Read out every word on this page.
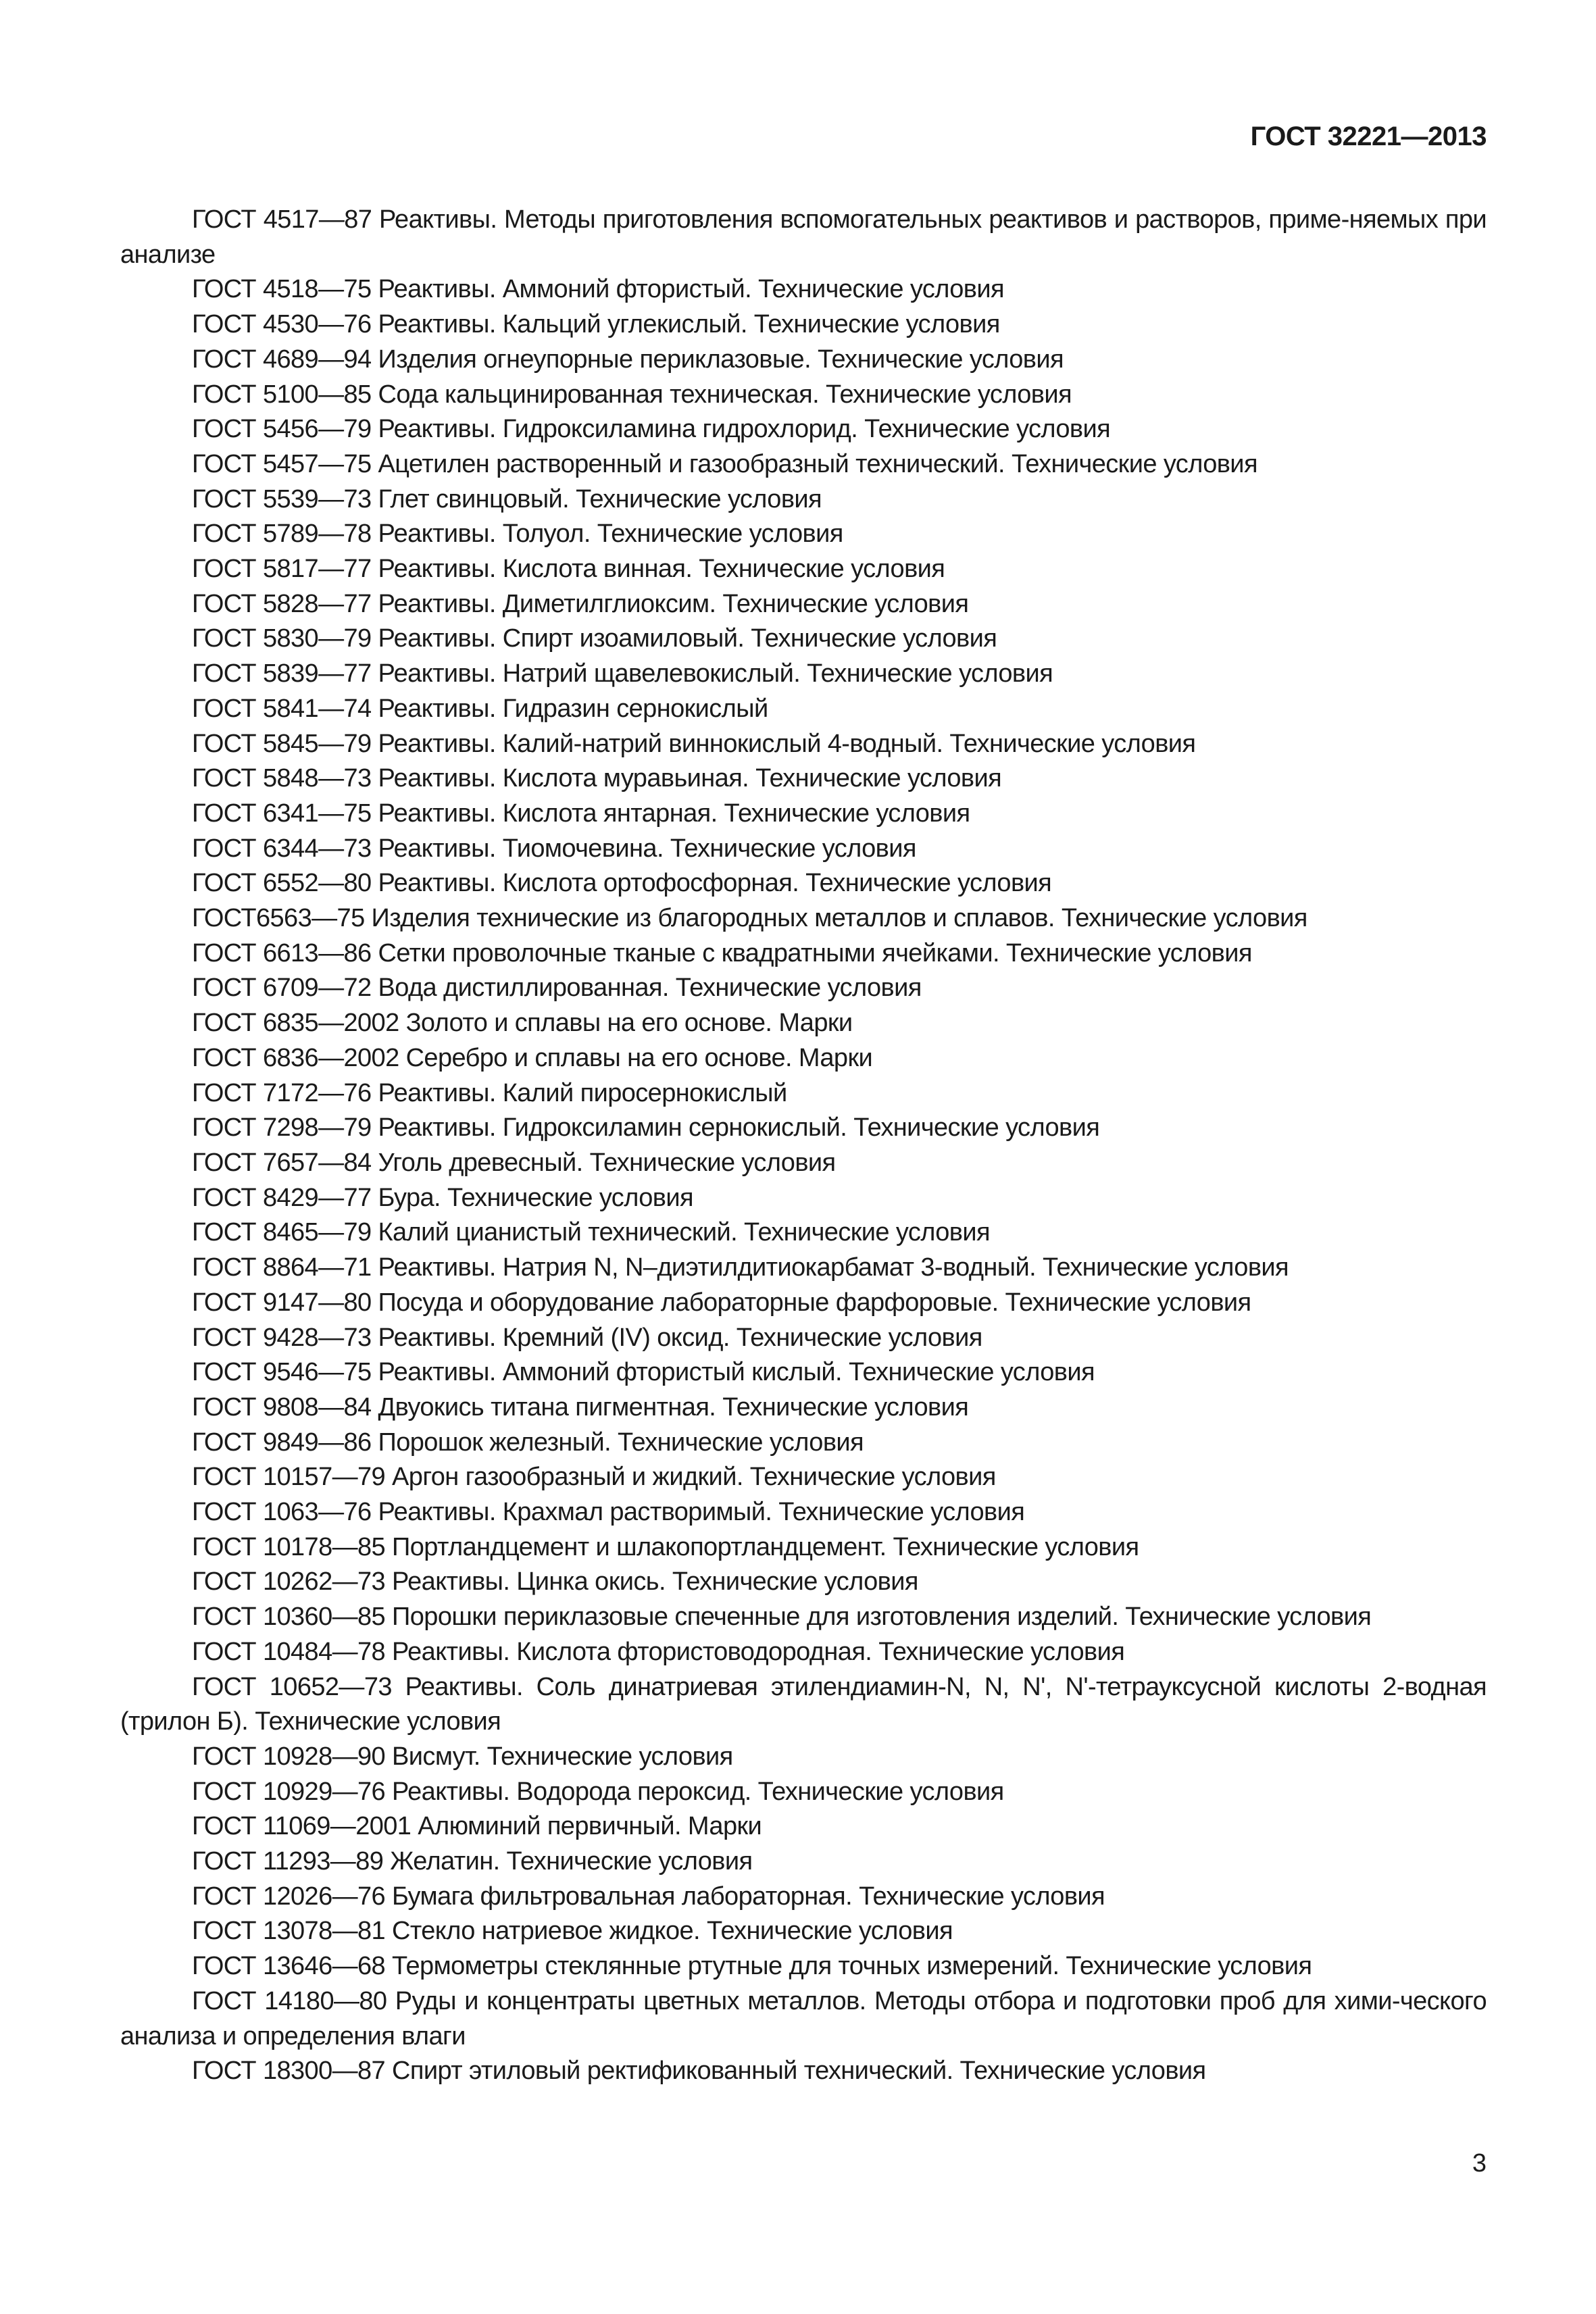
ГОСТ 32221—2013

ГОСТ 4517—87 Реактивы. Методы приготовления вспомогательных реактивов и растворов, приме-няемых при анализе

ГОСТ 4518—75 Реактивы. Аммоний фтористый. Технические условия

ГОСТ 4530—76 Реактивы. Кальций углекислый. Технические условия

ГОСТ 4689—94 Изделия огнеупорные периклазовые. Технические условия

ГОСТ 5100—85 Сода кальцинированная техническая. Технические условия

ГОСТ 5456—79 Реактивы. Гидроксиламина гидрохлорид. Технические условия

ГОСТ 5457—75 Ацетилен растворенный и газообразный технический. Технические условия

ГОСТ 5539—73 Глет свинцовый. Технические условия

ГОСТ 5789—78 Реактивы. Толуол. Технические условия

ГОСТ 5817—77 Реактивы. Кислота винная. Технические условия

ГОСТ 5828—77 Реактивы. Диметилглиоксим. Технические условия

ГОСТ 5830—79 Реактивы. Спирт изоамиловый. Технические условия

ГОСТ 5839—77 Реактивы. Натрий щавелевокислый. Технические условия

ГОСТ 5841—74 Реактивы. Гидразин сернокислый

ГОСТ 5845—79 Реактивы. Калий-натрий виннокислый 4-водный. Технические условия

ГОСТ 5848—73 Реактивы. Кислота муравьиная. Технические условия

ГОСТ 6341—75 Реактивы. Кислота янтарная. Технические условия

ГОСТ 6344—73 Реактивы. Тиомочевина. Технические условия

ГОСТ 6552—80 Реактивы. Кислота ортофосфорная. Технические условия

ГОСТ6563—75 Изделия технические из благородных металлов и сплавов. Технические условия

ГОСТ 6613—86 Сетки проволочные тканые с квадратными ячейками. Технические условия

ГОСТ 6709—72 Вода дистиллированная. Технические условия

ГОСТ 6835—2002 Золото и сплавы на его основе. Марки

ГОСТ 6836—2002 Серебро и сплавы на его основе. Марки

ГОСТ 7172—76 Реактивы. Калий пиросернокислый

ГОСТ 7298—79 Реактивы. Гидроксиламин сернокислый. Технические условия

ГОСТ 7657—84 Уголь древесный. Технические условия

ГОСТ 8429—77 Бура. Технические условия

ГОСТ 8465—79 Калий цианистый технический. Технические условия

ГОСТ 8864—71 Реактивы. Натрия N, N–диэтилдитиокарбамат 3-водный. Технические условия

ГОСТ 9147—80 Посуда и оборудование лабораторные фарфоровые. Технические условия

ГОСТ 9428—73 Реактивы. Кремний (IV) оксид. Технические условия

ГОСТ 9546—75 Реактивы. Аммоний фтористый кислый. Технические условия

ГОСТ 9808—84 Двуокись титана пигментная. Технические условия

ГОСТ 9849—86 Порошок железный. Технические условия

ГОСТ 10157—79 Аргон газообразный и жидкий. Технические условия

ГОСТ 1063—76 Реактивы. Крахмал растворимый. Технические условия

ГОСТ 10178—85 Портландцемент и шлакопортландцемент. Технические условия

ГОСТ 10262—73 Реактивы. Цинка окись. Технические условия

ГОСТ 10360—85 Порошки периклазовые спеченные для изготовления изделий. Технические условия

ГОСТ 10484—78 Реактивы. Кислота фтористоводородная. Технические условия

ГОСТ 10652—73 Реактивы. Соль динатриевая этилендиамин-N, N, N', N'-тетрауксусной кислоты 2-водная (трилон Б). Технические условия

ГОСТ 10928—90 Висмут. Технические условия

ГОСТ 10929—76 Реактивы. Водорода пероксид. Технические условия

ГОСТ 11069—2001 Алюминий первичный. Марки

ГОСТ 11293—89 Желатин. Технические условия

ГОСТ 12026—76 Бумага фильтровальная лабораторная. Технические условия

ГОСТ 13078—81 Стекло натриевое жидкое. Технические условия

ГОСТ 13646—68 Термометры стеклянные ртутные для точных измерений. Технические условия

ГОСТ 14180—80 Руды и концентраты цветных металлов. Методы отбора и подготовки проб для хими-ческого анализа и определения влаги

ГОСТ 18300—87 Спирт этиловый ректификованный технический. Технические условия

3
